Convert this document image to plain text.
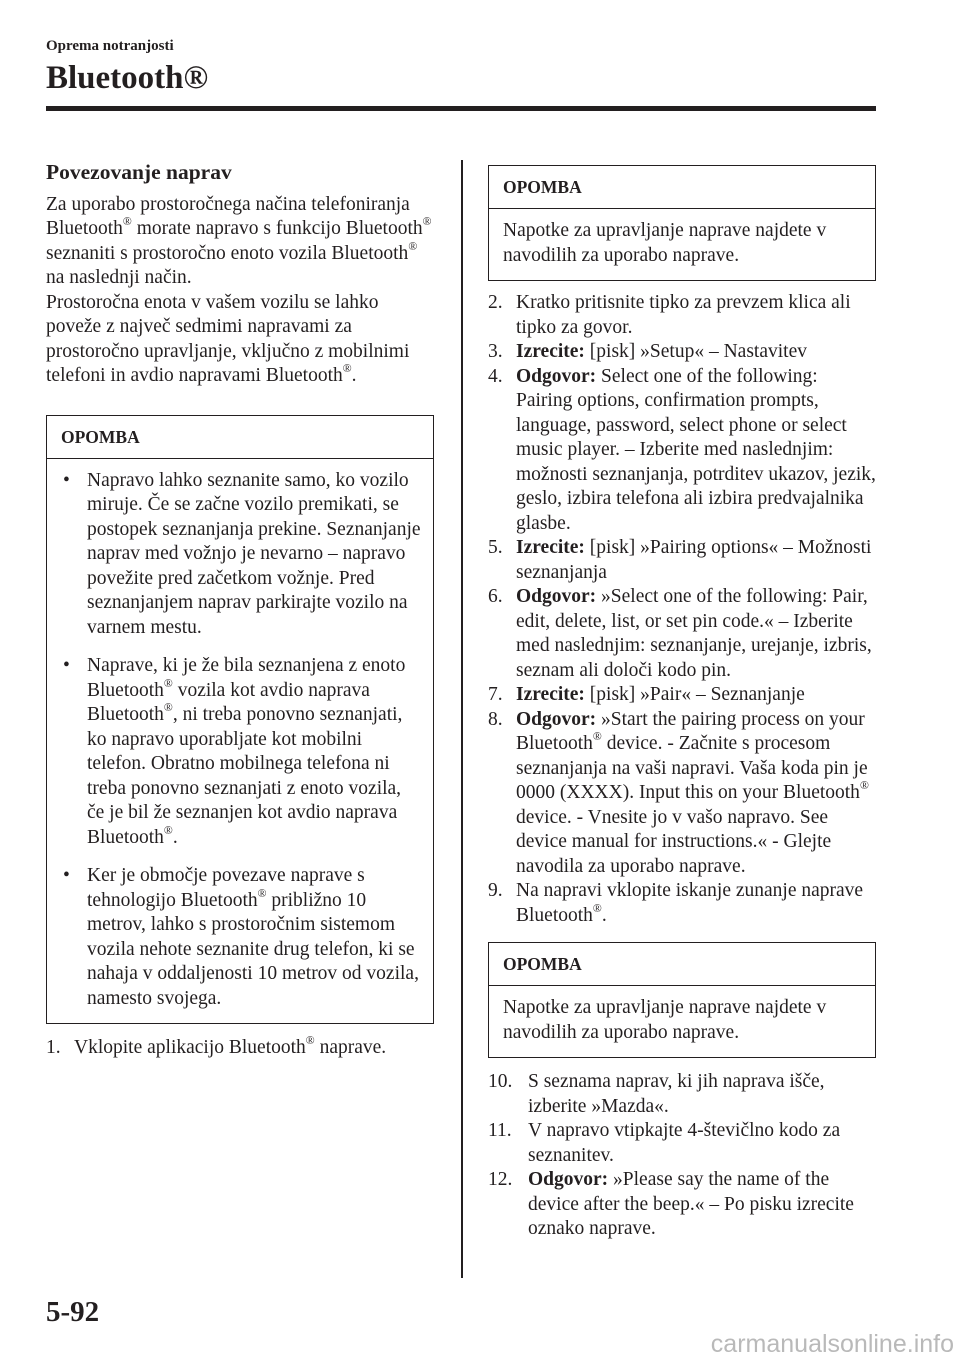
Oprema notranjosti
Bluetooth®
Povezovanje naprav

Za uporabo prostoročnega načina telefoniranja Bluetooth® morate napravo s funkcijo Bluetooth® seznaniti s prostoročno enoto vozila Bluetooth® na naslednji način.

Prostoročna enota v vašem vozilu se lahko poveže z največ sedmimi napravami za prostoročno upravljanje, vključno z mobilnimi telefoni in avdio napravami Bluetooth®.

OPOMBA
• Napravo lahko seznanite samo, ko vozilo miruje. Če se začne vozilo premikati, se postopek seznanjanja prekine. Seznanjanje naprav med vožnjo je nevarno – napravo povežite pred začetkom vožnje. Pred seznanjanjem naprav parkirajte vozilo na varnem mestu.
• Naprave, ki je že bila seznanjena z enoto Bluetooth® vozila kot avdio naprava Bluetooth®, ni treba ponovno seznanjati, ko napravo uporabljate kot mobilni telefon. Obratno mobilnega telefona ni treba ponovno seznanjati z enoto vozila, če je bil že seznanjen kot avdio naprava Bluetooth®.
• Ker je območje povezave naprave s tehnologijo Bluetooth® približno 10 metrov, lahko s prostoročnim sistemom vozila nehote seznanite drug telefon, ki se nahaja v oddaljenosti 10 metrov od vozila, namesto svojega.
1. Vklopite aplikacijo Bluetooth® naprave.
OPOMBA
Napotke za upravljanje naprave najdete v navodilih za uporabo naprave.
2. Kratko pritisnite tipko za prevzem klica ali tipko za govor.
3. Izrecite: [pisk] »Setup« – Nastavitev
4. Odgovor: Select one of the following: Pairing options, confirmation prompts, language, password, select phone or select music player. – Izberite med naslednjim: možnosti seznanjanja, potrditev ukazov, jezik, geslo, izbira telefona ali izbira predvajalnika glasbe.
5. Izrecite: [pisk] »Pairing options« – Možnosti seznanjanja
6. Odgovor: »Select one of the following: Pair, edit, delete, list, or set pin code.« – Izberite med naslednjim: seznanjanje, urejanje, izbris, seznam ali določi kodo pin.
7. Izrecite: [pisk] »Pair« – Seznanjanje
8. Odgovor: »Start the pairing process on your Bluetooth® device. - Začnite s procesom seznanjanja na vaši napravi. Vaša koda pin je 0000 (XXXX). Input this on your Bluetooth® device. - Vnesite jo v vašo napravo. See device manual for instructions.« - Glejte navodila za uporabo naprave.
9. Na napravi vklopite iskanje zunanje naprave Bluetooth®.
OPOMBA
Napotke za upravljanje naprave najdete v navodilih za uporabo naprave.
10. S seznama naprav, ki jih naprava išče, izberite »Mazda«.
11. V napravo vtipkajte 4-števičlno kodo za seznanitev.
12. Odgovor: »Please say the name of the device after the beep.« – Po pisku izrecite oznako naprave.
5-92
carmanualsonline.info
